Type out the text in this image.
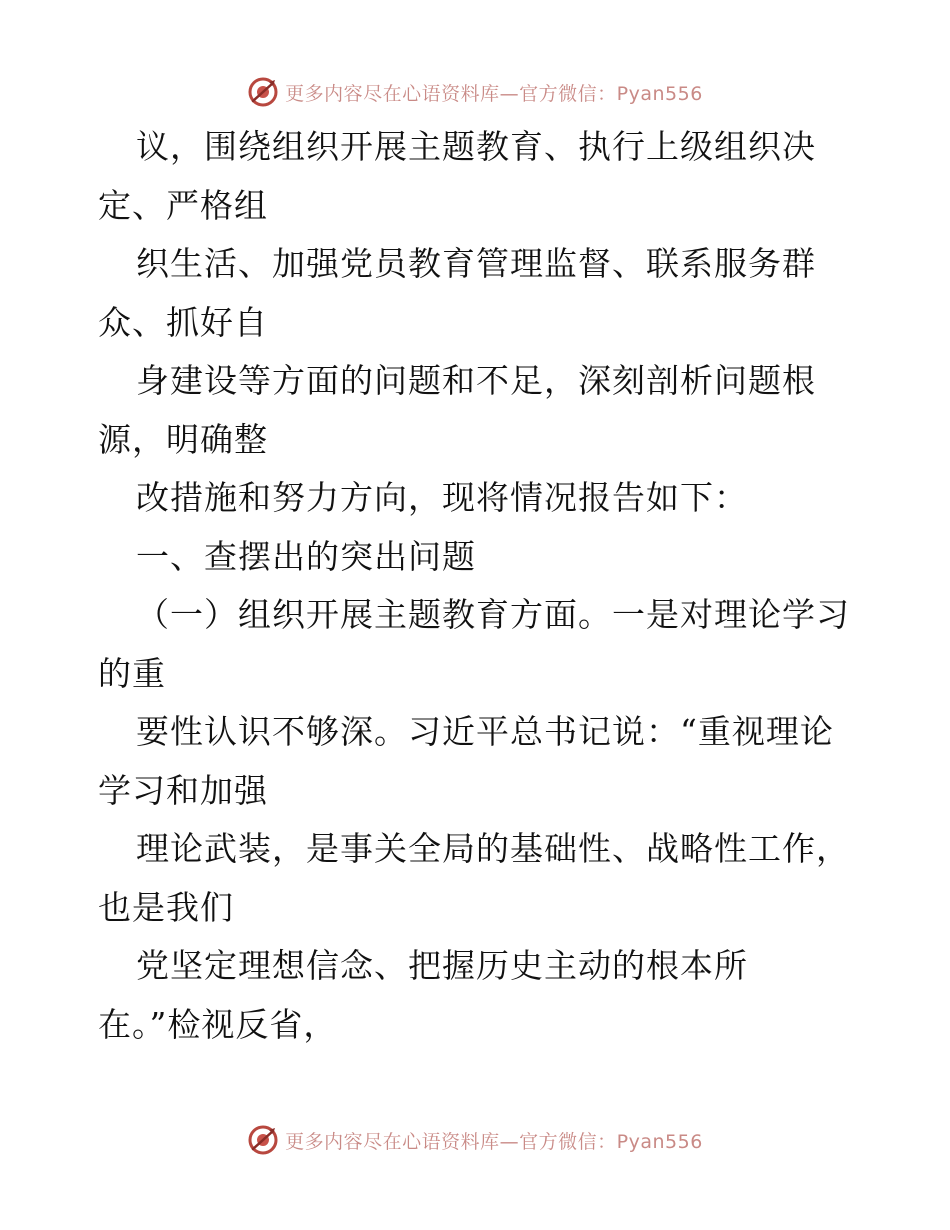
更多内容尽在心语资料库—官方微信：Pyan556
议，围绕组织开展主题教育、执行上级组织决
定、严格组
织生活、加强党员教育管理监督、联系服务群
众、抓好自
身建设等方面的问题和不足，深刻剖析问题根
源，明确整
改措施和努力方向，现将情况报告如下：
一、查摆出的突出问题
（一）组织开展主题教育方面。一是对理论学习
的重
要性认识不够深。习近平总书记说：“重视理论
学习和加强
理论武装，是事关全局的基础性、战略性工作，
也是我们
党坚定理想信念、把握历史主动的根本所
在。”检视反省，
更多内容尽在心语资料库—官方微信：Pyan556
